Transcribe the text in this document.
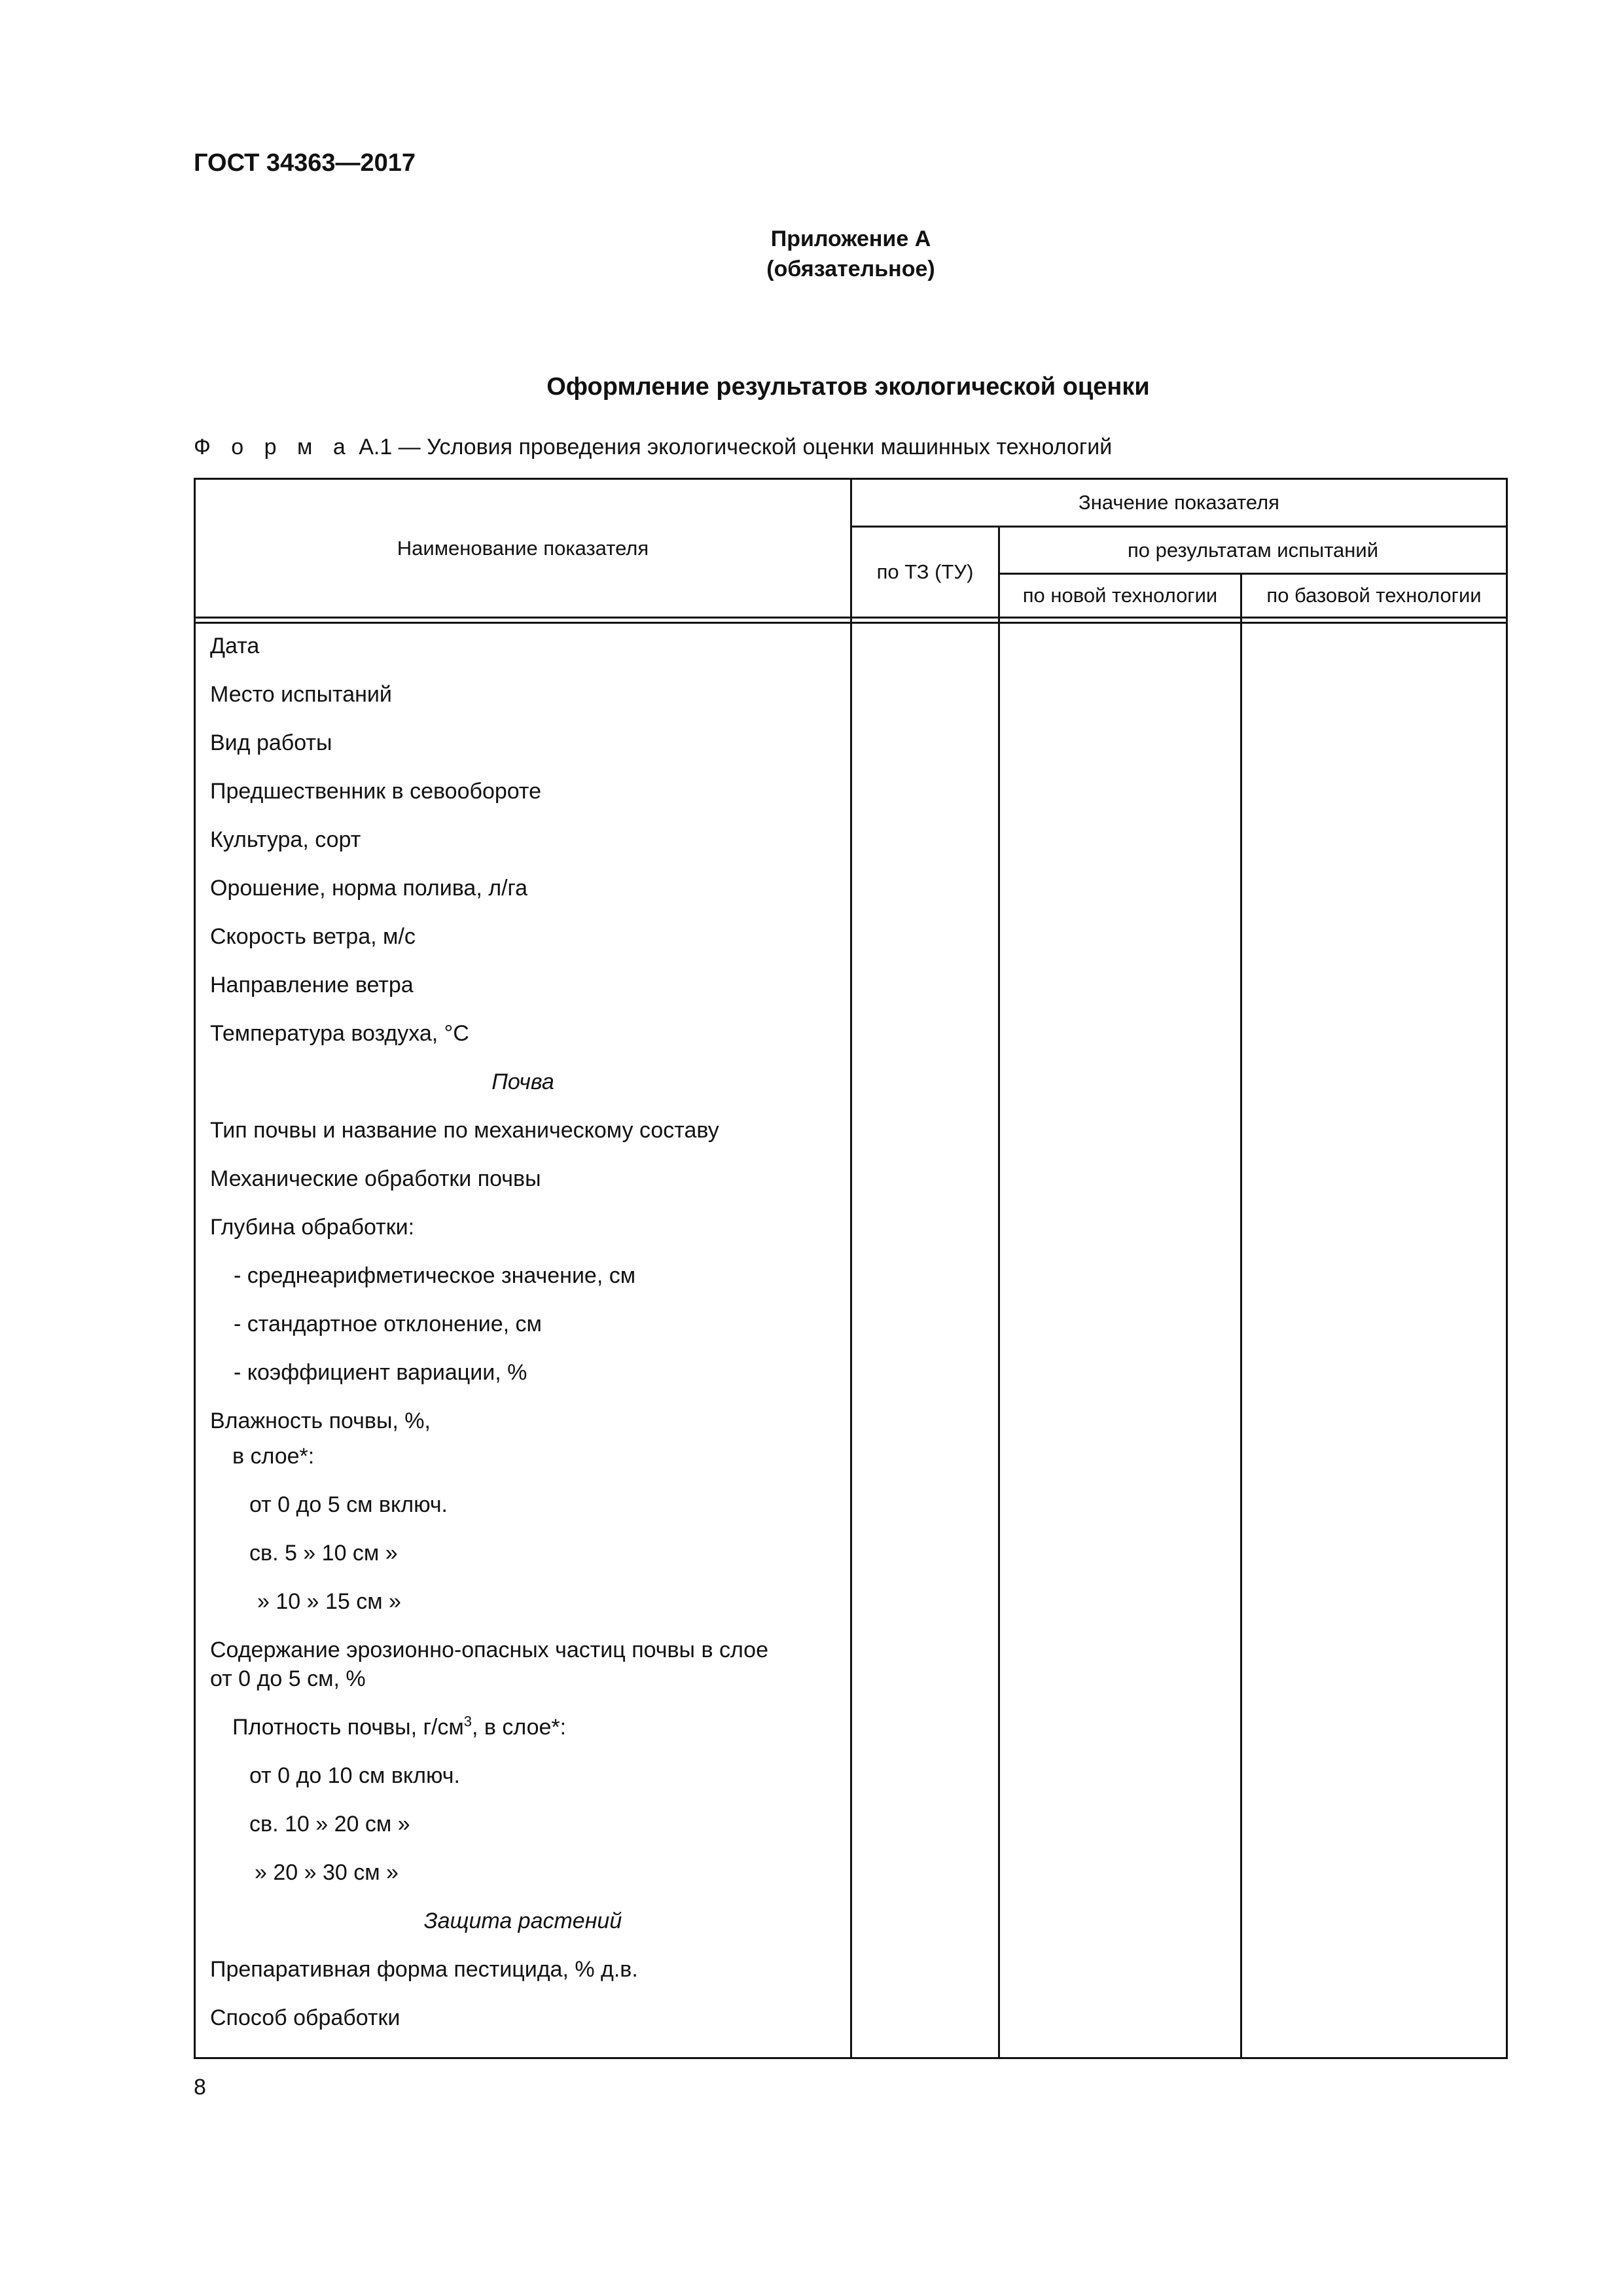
ГОСТ 34363—2017
Приложение А
(обязательное)
Оформление результатов экологической оценки
Ф о р м а А.1 — Условия проведения экологической оценки машинных технологий
Наименование показателя
Значение показателя
по ТЗ (ТУ)
по результатам испытаний
по новой технологии	по базовой технологии
Дата
Место испытаний
Вид работы
Предшественник в севообороте
Культура, сорт
Орошение, норма полива, л/га
Скорость ветра, м/с
Направление ветра
Температура воздуха, °C
Почва
Тип почвы и название по механическому составу
Механические обработки почвы
Глубина обработки:
- среднеарифметическое значение, см
- стандартное отклонение, см
- коэффициент вариации, %
Влажность почвы, %,
в слое*:
от 0 до 5 см включ.
св. 5 » 10 см »
» 10 » 15 см »
Содержание эрозионно-опасных частиц почвы в слое
от 0 до 5 см, %
Плотность почвы, $г/см^3$, в слое*:
от 0 до 10 см включ.
св. 10 » 20 см »
» 20 » 30 см »
Защита растений
Препаративная форма пестицида, % д.в.
Способ обработки
8
